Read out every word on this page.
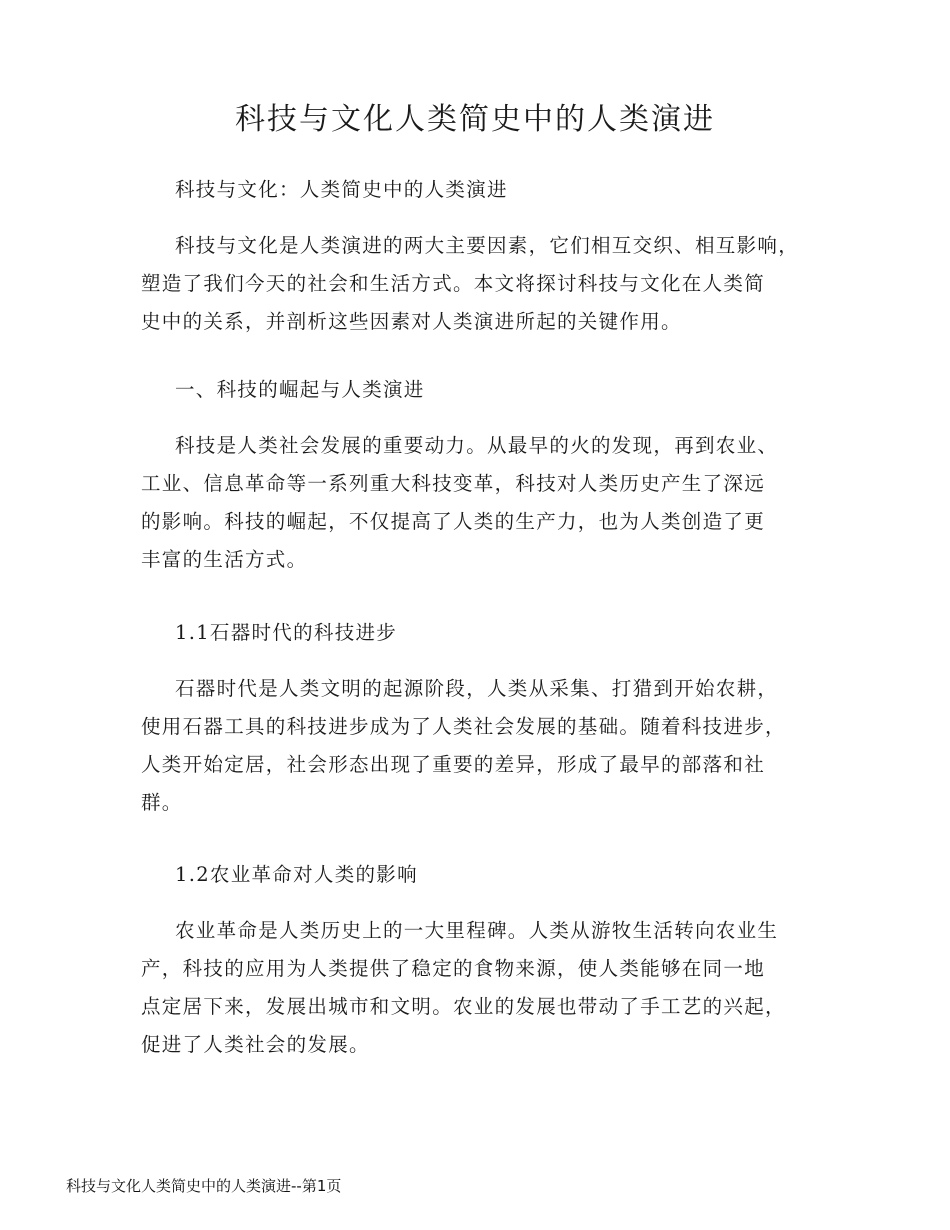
科技与文化人类简史中的人类演进

科技与文化：人类简史中的人类演进

科技与文化是人类演进的两大主要因素，它们相互交织、相互影响，
塑造了我们今天的社会和生活方式。本文将探讨科技与文化在人类简
史中的关系，并剖析这些因素对人类演进所起的关键作用。

一、科技的崛起与人类演进

科技是人类社会发展的重要动力。从最早的火的发现，再到农业、
工业、信息革命等一系列重大科技变革，科技对人类历史产生了深远
的影响。科技的崛起，不仅提高了人类的生产力，也为人类创造了更
丰富的生活方式。

1.1石器时代的科技进步

石器时代是人类文明的起源阶段，人类从采集、打猎到开始农耕，
使用石器工具的科技进步成为了人类社会发展的基础。随着科技进步，
人类开始定居，社会形态出现了重要的差异，形成了最早的部落和社
群。

1.2农业革命对人类的影响

农业革命是人类历史上的一大里程碑。人类从游牧生活转向农业生
产，科技的应用为人类提供了稳定的食物来源，使人类能够在同一地
点定居下来，发展出城市和文明。农业的发展也带动了手工艺的兴起，
促进了人类社会的发展。

科技与文化人类简史中的人类演进--第1页
